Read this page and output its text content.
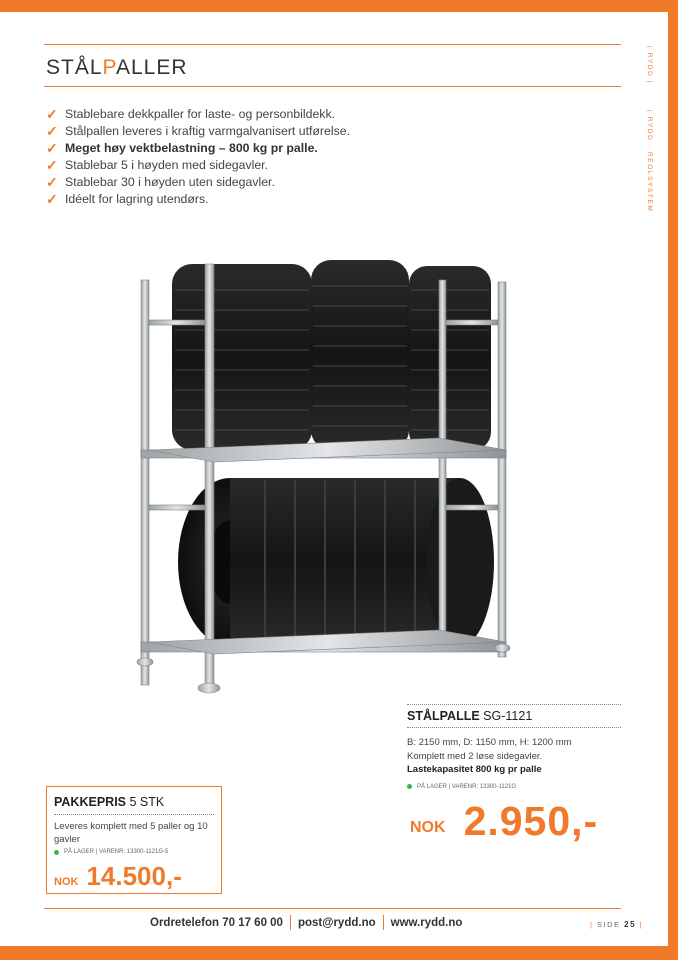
STÅLPALLER	| RYDD |
| RYDD · REOLSYSTEM
✓ Stablebare dekkpaller for laste- og personbildekk.
✓ Stålpallen leveres i kraftig varmgalvanisert utførelse.
✓ Meget høy vektbelastning – 800 kg pr palle.
✓ Stablebar 5 i høyden med sidegavler.
✓ Stablebar 30 i høyden uten sidegavler.
✓ Idéelt for lagring utendørs.
STÅLPALLE SG-1121
B: 2150 mm, D: 1150 mm, H: 1200 mm
Komplett med 2 løse sidegavler.
Lastekapasitet 800 kg pr palle
PÅ LAGER | VARENR: 13300-1121G
NOK 2.950,-
PAKKEPRIS 5 STK
Leveres komplett med 5 paller og 10 gavler
PÅ LAGER | VARENR: 13300-1121G-5
NOK 14.500,-
Ordretelefon 70 17 60 00 post@rydd.no www.rydd.no	| SIDE 25 |
